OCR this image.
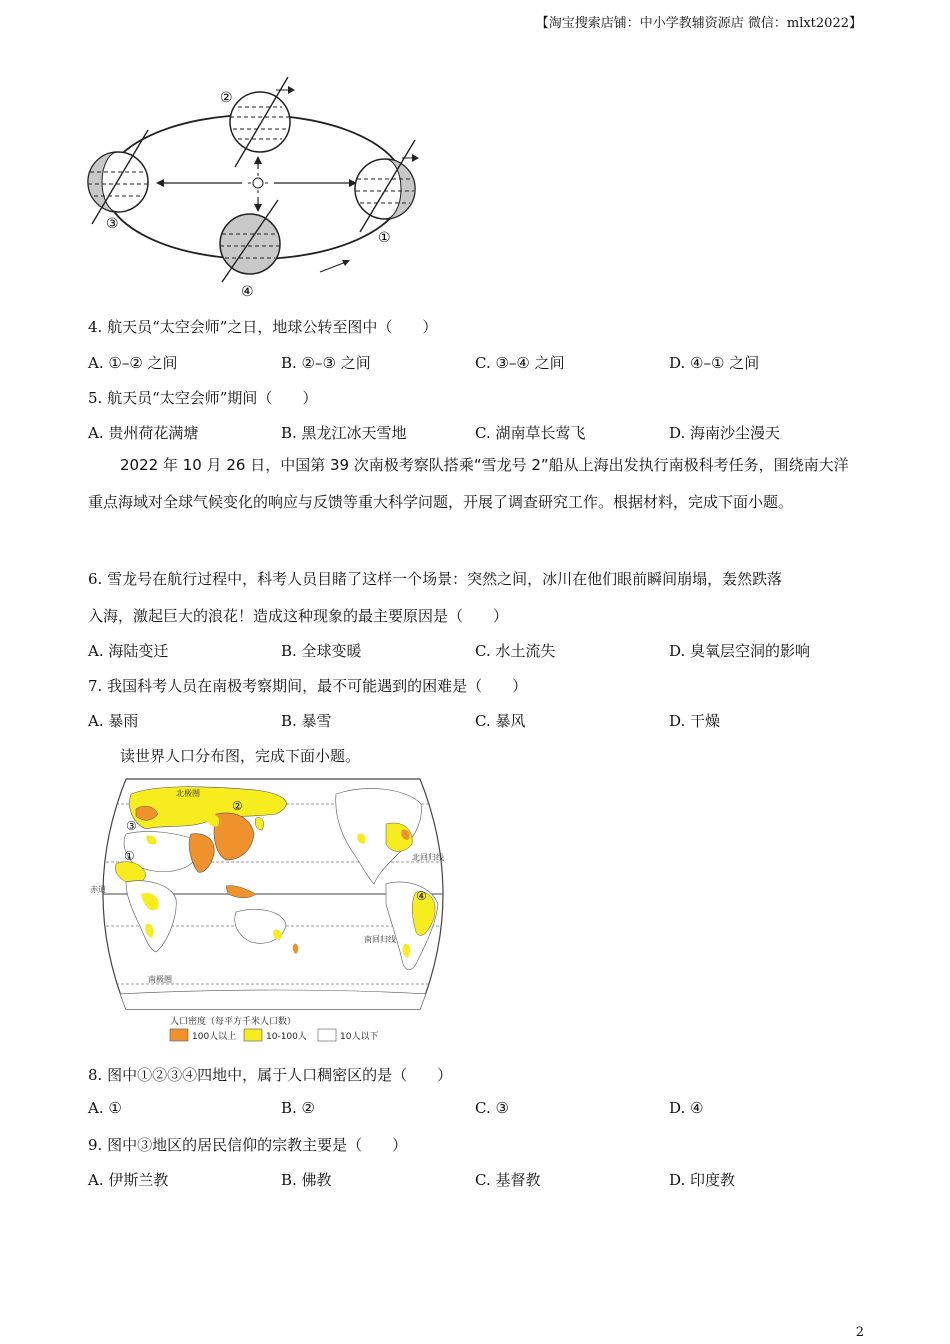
【淘宝搜索店铺：中小学教辅资源店 微信：mlxt2022】
③
①
④
②
4. 航天员“太空会师”之日，地球公转至图中（　　）
A. ①–② 之间	B. ②–③ 之间	C. ③–④ 之间	D. ④–① 之间
5. 航天员“太空会师”期间（　　）
A. 贵州荷花满塘	B. 黑龙江冰天雪地	C. 湖南草长莺飞	D. 海南沙尘漫天
2022 年 10 月 26 日，中国第 39 次南极考察队搭乘“雪龙号 2”船从上海出发执行南极科考任务，围绕南大洋重点海域对全球气候变化的响应与反馈等重大科学问题，开展了调查研究工作。根据材料，完成下面小题。
6. 雪龙号在航行过程中，科考人员目睹了这样一个场景：突然之间，冰川在他们眼前瞬间崩塌，轰然跌落
入海，激起巨大的浪花！造成这种现象的最主要原因是（　　）
A. 海陆变迁	B. 全球变暖	C. 水土流失	D. 臭氧层空洞的影响
7. 我国科考人员在南极考察期间，最不可能遇到的困难是（　　）
A. 暴雨	B. 暴雪	C. 暴风	D. 干燥
读世界人口分布图，完成下面小题。
北极圈
北回归线
赤道
南回归线
南极圈
①
②
③
④
人口密度（每平方千米人口数）
100人以上	10-100人	10人以下
8. 图中①②③④四地中，属于人口稠密区的是（　　）
A. ①	B. ②	C. ③	D. ④
9. 图中③地区的居民信仰的宗教主要是（　　）
A. 伊斯兰教	B. 佛教	C. 基督教	D. 印度教
2
